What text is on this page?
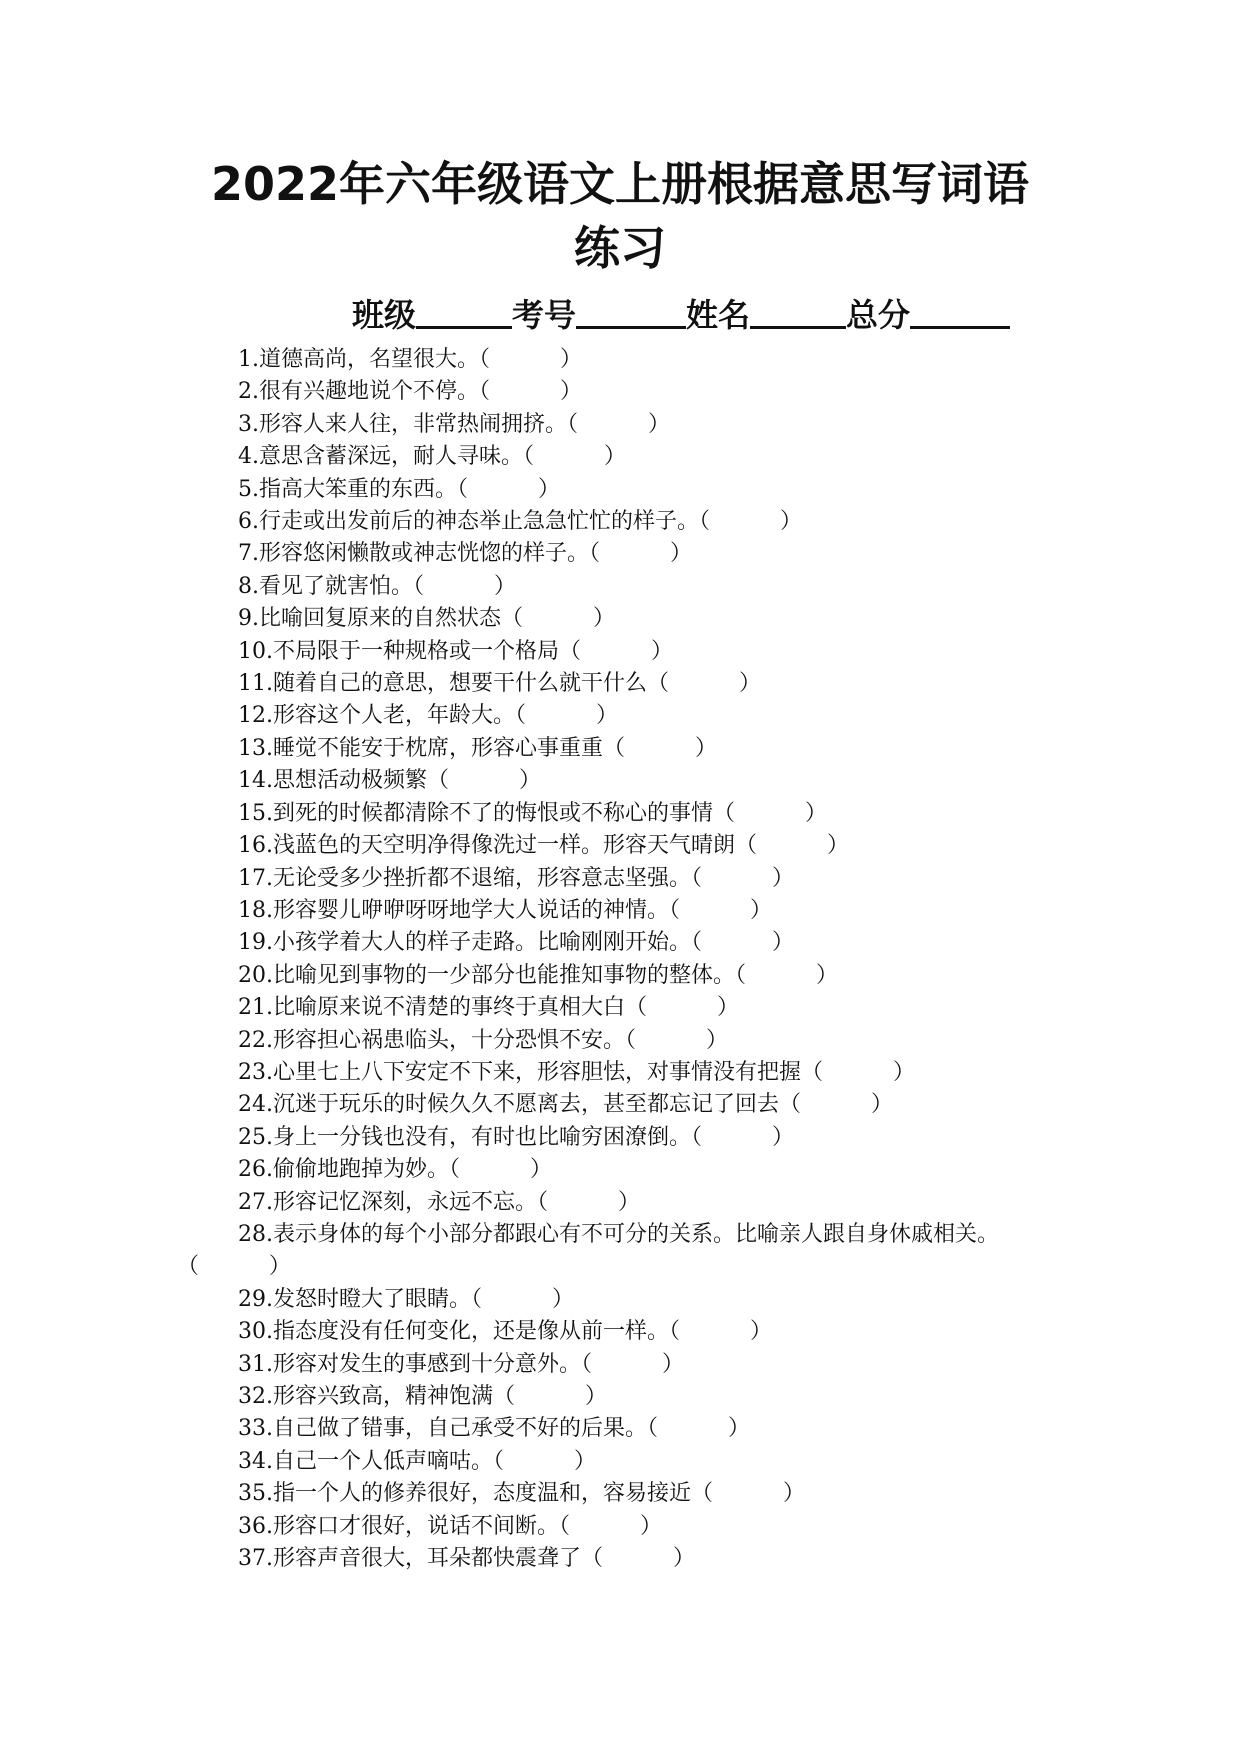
2022年六年级语文上册根据意思写词语
练习
班级	考号	姓名	总分
1.道德高尚，名望很大。（          ）
2.很有兴趣地说个不停。（          ）
3.形容人来人往，非常热闹拥挤。（          ）
4.意思含蓄深远，耐人寻味。（          ）
5.指高大笨重的东西。（          ）
6.行走或出发前后的神态举止急急忙忙的样子。（          ）
7.形容悠闲懒散或神志恍惚的样子。（          ）
8.看见了就害怕。（          ）
9.比喻回复原来的自然状态（          ）
10.不局限于一种规格或一个格局（          ）
11.随着自己的意思，想要干什么就干什么（          ）
12.形容这个人老，年龄大。（          ）
13.睡觉不能安于枕席，形容心事重重（          ）
14.思想活动极频繁（          ）
15.到死的时候都清除不了的悔恨或不称心的事情（          ）
16.浅蓝色的天空明净得像洗过一样。形容天气晴朗（          ）
17.无论受多少挫折都不退缩，形容意志坚强。（          ）
18.形容婴儿咿咿呀呀地学大人说话的神情。（          ）
19.小孩学着大人的样子走路。比喻刚刚开始。（          ）
20.比喻见到事物的一少部分也能推知事物的整体。（          ）
21.比喻原来说不清楚的事终于真相大白（          ）
22.形容担心祸患临头，十分恐惧不安。（          ）
23.心里七上八下安定不下来，形容胆怯，对事情没有把握（          ）
24.沉迷于玩乐的时候久久不愿离去，甚至都忘记了回去（          ）
25.身上一分钱也没有，有时也比喻穷困潦倒。（          ）
26.偷偷地跑掉为妙。（          ）
27.形容记忆深刻，永远不忘。（          ）
28.表示身体的每个小部分都跟心有不可分的关系。比喻亲人跟自身休戚相关。（          ）
29.发怒时瞪大了眼睛。（          ）
30.指态度没有任何变化，还是像从前一样。（          ）
31.形容对发生的事感到十分意外。（          ）
32.形容兴致高，精神饱满（          ）
33.自己做了错事，自己承受不好的后果。（          ）
34.自己一个人低声嘀咕。（          ）
35.指一个人的修养很好，态度温和，容易接近（          ）
36.形容口才很好，说话不间断。（          ）
37.形容声音很大，耳朵都快震聋了（          ）
